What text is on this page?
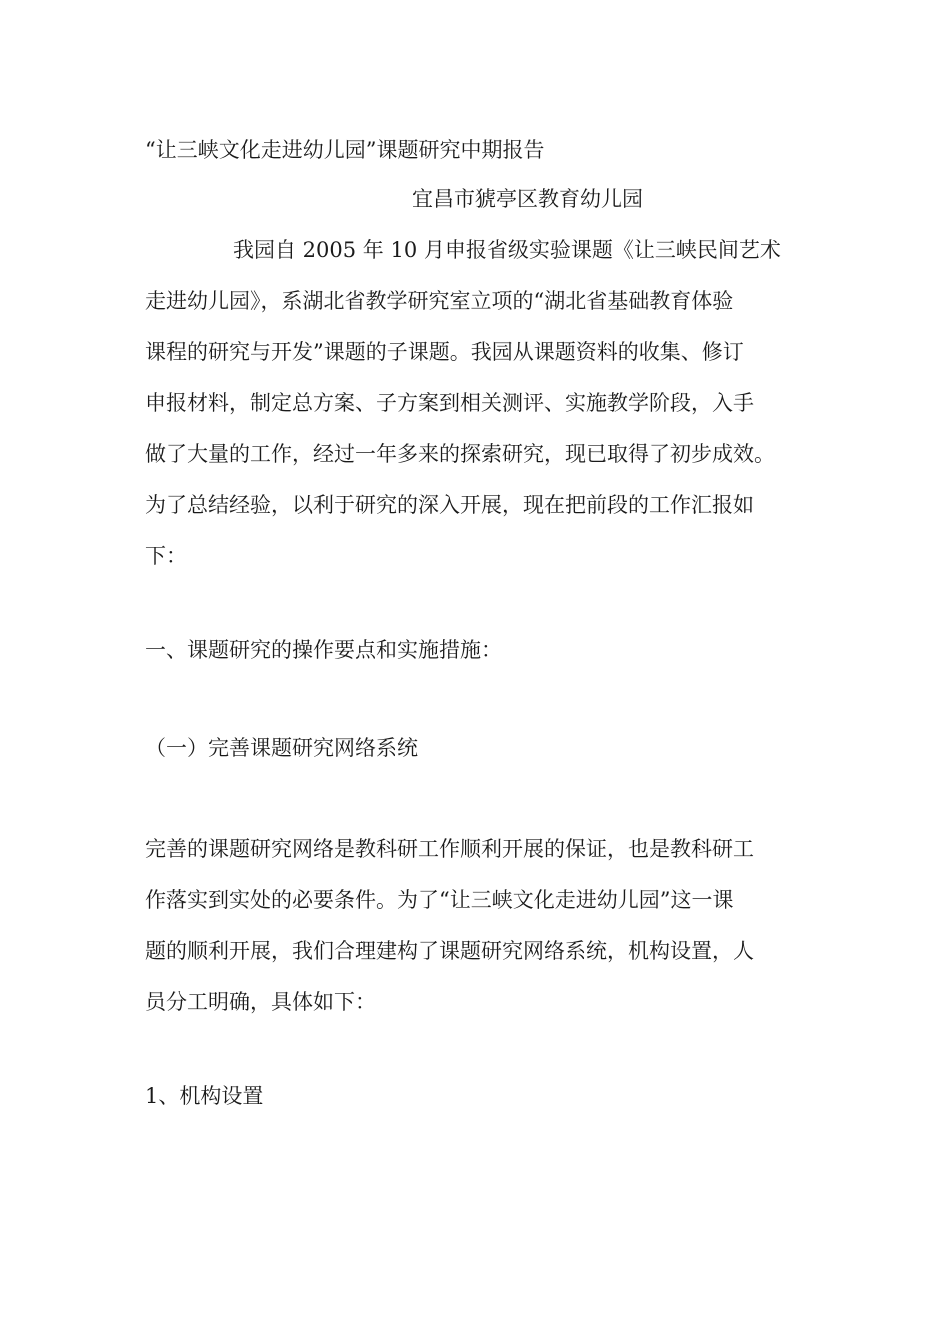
“让三峡文化走进幼儿园”课题研究中期报告

宜昌市猇亭区教育幼儿园

我园自 2005 年 10 月申报省级实验课题《让三峡民间艺术
走进幼儿园》，系湖北省教学研究室立项的“湖北省基础教育体验
课程的研究与开发”课题的子课题。我园从课题资料的收集、修订
申报材料，制定总方案、子方案到相关测评、实施教学阶段，入手
做了大量的工作，经过一年多来的探索研究，现已取得了初步成效。
为了总结经验，以利于研究的深入开展，现在把前段的工作汇报如
下：

一、课题研究的操作要点和实施措施：

（一）完善课题研究网络系统

完善的课题研究网络是教科研工作顺利开展的保证，也是教科研工
作落实到实处的必要条件。为了“让三峡文化走进幼儿园”这一课
题的顺利开展，我们合理建构了课题研究网络系统，机构设置，人
员分工明确，具体如下：

1、机构设置
